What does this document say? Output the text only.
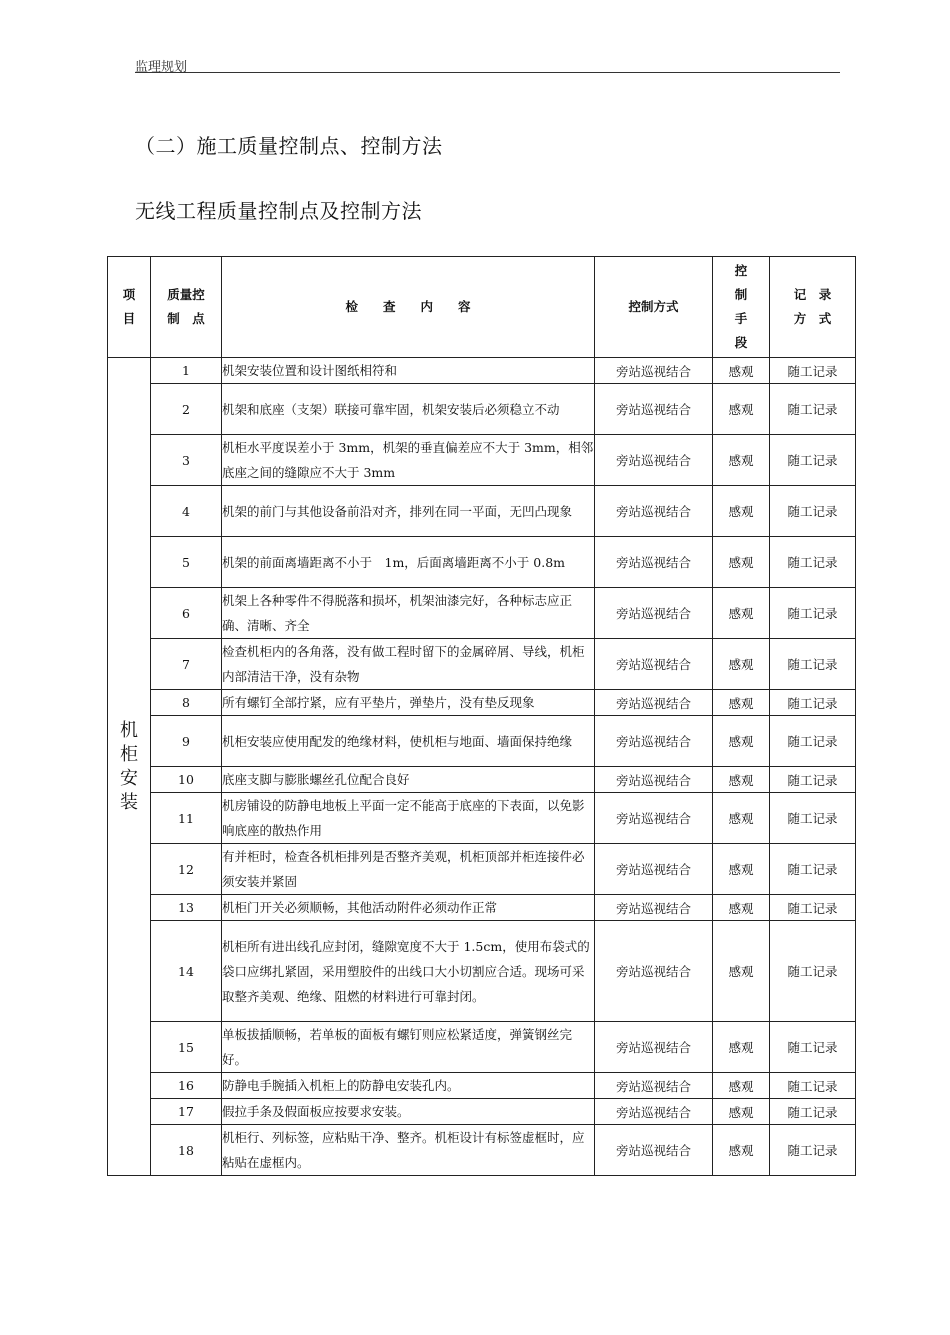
监理规划
（二）施工质量控制点、控制方法
无线工程质量控制点及控制方法
项 目	质量控制　点	检　　查　　内　　容	控制方式	控制手段	记　录方　式
机柜安装	1	机架安装位置和设计图纸相符和	旁站巡视结合	感观	随工记录
	2	机架和底座（支架）联接可靠牢固，机架安装后必须稳立不动	旁站巡视结合	感观	随工记录
	3	机柜水平度误差小于 3mm，机架的垂直偏差应不大于 3mm，相邻底座之间的缝隙应不大于 3mm	旁站巡视结合	感观	随工记录
	4	机架的前门与其他设备前沿对齐，排列在同一平面，无凹凸现象	旁站巡视结合	感观	随工记录
	5	机架的前面离墙距离不小于　1m，后面离墙距离不小于 0.8m	旁站巡视结合	感观	随工记录
	6	机架上各种零件不得脱落和损坏，机架油漆完好，各种标志应正确、清晰、齐全	旁站巡视结合	感观	随工记录
	7	检查机柜内的各角落，没有做工程时留下的金属碎屑、导线，机柜内部清洁干净，没有杂物	旁站巡视结合	感观	随工记录
	8	所有螺钉全部拧紧，应有平垫片，弹垫片，没有垫反现象	旁站巡视结合	感观	随工记录
	9	机柜安装应使用配发的绝缘材料，使机柜与地面、墙面保持绝缘	旁站巡视结合	感观	随工记录
	10	底座支脚与膨胀螺丝孔位配合良好	旁站巡视结合	感观	随工记录
	11	机房铺设的防静电地板上平面一定不能高于底座的下表面，以免影响底座的散热作用	旁站巡视结合	感观	随工记录
	12	有并柜时，检查各机柜排列是否整齐美观，机柜顶部并柜连接件必须安装并紧固	旁站巡视结合	感观	随工记录
	13	机柜门开关必须顺畅，其他活动附件必须动作正常	旁站巡视结合	感观	随工记录
	14	机柜所有进出线孔应封闭，缝隙宽度不大于 1.5cm，使用布袋式的袋口应绑扎紧固，采用塑胶件的出线口大小切割应合适。现场可采取整齐美观、绝缘、阻燃的材料进行可靠封闭。	旁站巡视结合	感观	随工记录
	15	单板拔插顺畅，若单板的面板有螺钉则应松紧适度，弹簧钢丝完好。	旁站巡视结合	感观	随工记录
	16	防静电手腕插入机柜上的防静电安装孔内。	旁站巡视结合	感观	随工记录
	17	假拉手条及假面板应按要求安装。	旁站巡视结合	感观	随工记录
	18	机柜行、列标签，应粘贴干净、整齐。机柜设计有标签虚框时，应粘贴在虚框内。	旁站巡视结合	感观	随工记录
